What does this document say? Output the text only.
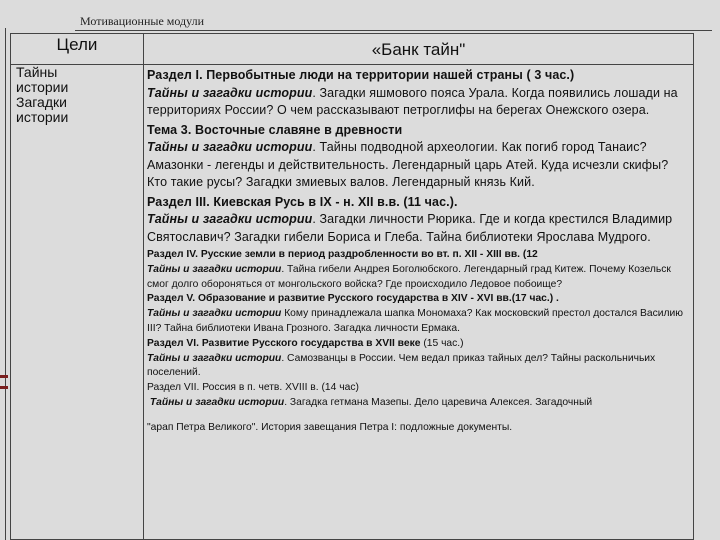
Мотивационные модули
Цели	«Банк тайн"
Тайны
истории
Загадки
истории

Раздел I. Первобытные люди на территории нашей страны ( 3 час.)

Тайны и загадки истории. Загадки яшмового пояса Урала. Когда появились лошади на территориях России? О чем рассказывают петроглифы на берегах Онежского озера.

Тема 3. Восточные славяне в древности

Тайны и загадки истории. Тайны подводной археологии. Как погиб город Танаис? Амазонки - легенды и действительность. Легендарный царь Атей. Куда исчезли скифы? Кто такие русы? Загадки змиевых валов. Легендарный князь Кий.

Раздел III. Киевская Русь в IX - н. XII в.в. (11 час.).

Тайны и загадки истории. Загадки личности Рюрика. Где и когда крестился Владимир Святославич? Загадки гибели Бориса и Глеба. Тайна библиотеки Ярослава Мудрого.

Раздел IV. Русские земли в период раздробленности во вт. п. XII - XIII вв. (12

Тайны и загадки истории. Тайна гибели Андрея Боголюбского. Легендарный град Китеж. Почему Козельск смог долго обороняться от монгольского войска? Где происходило Ледовое побоище?

Раздел V. Образование и развитие Русского государства в XIV - XVI вв.(17 час.) .

Тайны и загадки истории Кому принадлежала шапка Мономаха? Как московский престол достался Василию III? Тайна библиотеки Ивана Грозного. Загадка личности Ермака.

Раздел VI. Развитие Русского государства в XVII веке (15 час.)

Тайны и загадки истории. Самозванцы в России. Чем ведал приказ тайных дел? Тайны раскольничьих поселений.

Раздел VII. Россия в п. четв. XVIII в. (14 час)

Тайны и загадки истории. Загадка гетмана Мазепы. Дело царевича Алексея. Загадочный

"арап Петра Великого". История завещания Петра I: подложные документы.
